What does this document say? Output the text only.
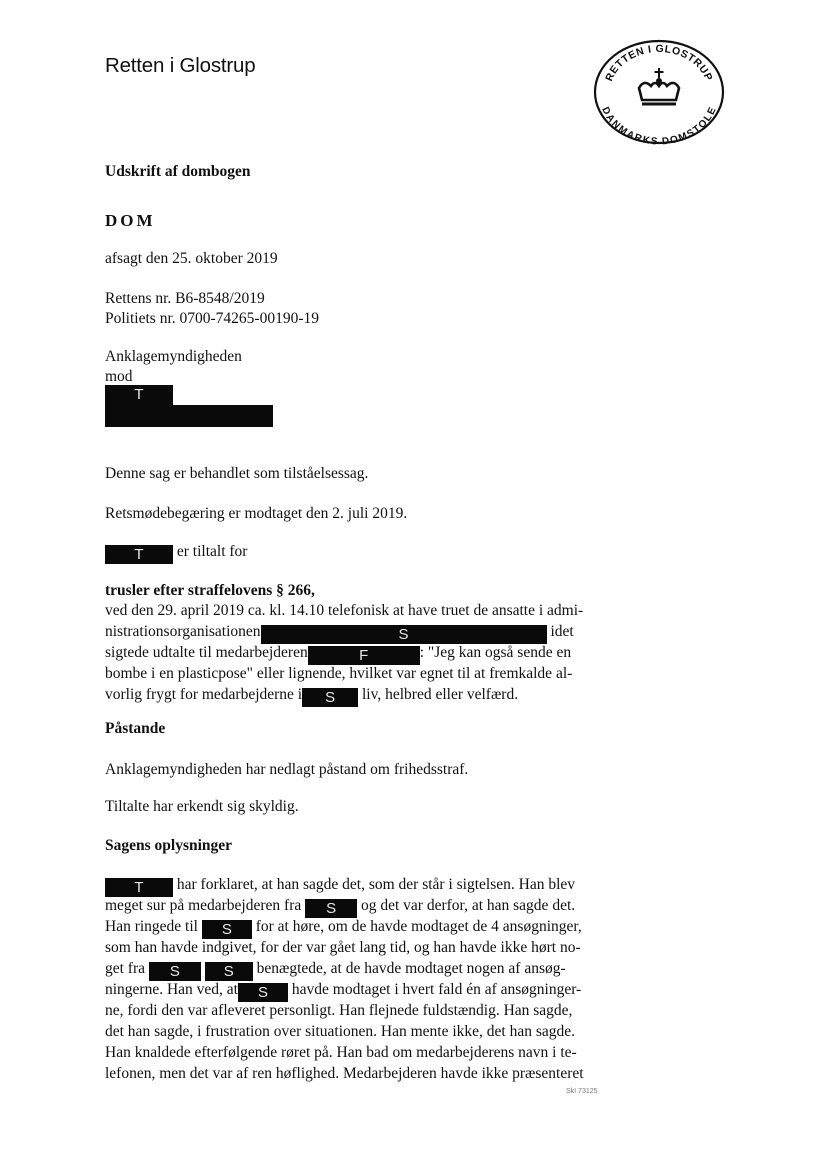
Retten i Glostrup	RETTEN I GLOSTRUP
DANMARKS DOMSTOLE
Udskrift af dombogen
DOM
afsagt den 25. oktober 2019
Rettens nr. B6-8548/2019
Politiets nr. 0700-74265-00190-19
Anklagemyndigheden
mod
T
Denne sag er behandlet som tilståelsessag.
Retsmødebegæring er modtaget den 2. juli 2019.
T er tiltalt for
trusler efter straffelovens § 266,
ved den 29. april 2019 ca. kl. 14.10 telefonisk at have truet de ansatte i admi-
nistrationsorganisationen	S	idet
sigtede udtalte til medarbejderen	F	: "Jeg kan også sende en
bombe i en plasticpose" eller lignende, hvilket var egnet til at fremkalde al-
vorlig frygt for medarbejderne i S liv, helbred eller velfærd.
Påstande
Anklagemyndigheden har nedlagt påstand om frihedsstraf.
Tiltalte har erkendt sig skyldig.
Sagens oplysninger
T har forklaret, at han sagde det, som der står i sigtelsen. Han blev
meget sur på medarbejderen fra S og det var derfor, at han sagde det.
Han ringede til S for at høre, om de havde modtaget de 4 ansøgninger,
som han havde indgivet, for der var gået lang tid, og han havde ikke hørt no-
get fra S	S benægtede, at de havde modtaget nogen af ansøg-
ningerne. Han ved, at S havde modtaget i hvert fald én af ansøgninger-
ne, fordi den var afleveret personligt. Han flejnede fuldstændig. Han sagde,
det han sagde, i frustration over situationen. Han mente ikke, det han sagde.
Han knaldede efterfølgende røret på. Han bad om medarbejderens navn i te-
lefonen, men det var af ren høflighed. Medarbejderen havde ikke præsenteret
SkI 73125
